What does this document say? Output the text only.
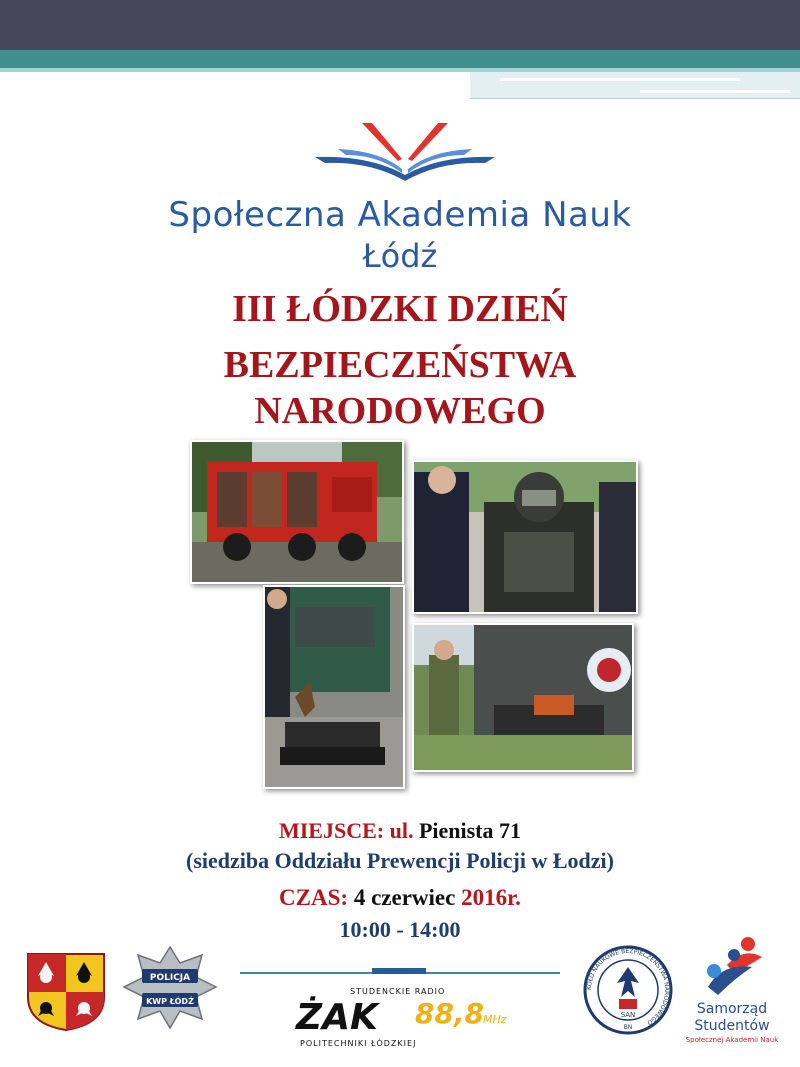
Społeczna Akademia Nauk
Łódź
III ŁÓDZKI DZIEŃ
BEZPIECZEŃSTWA
NARODOWEGO
MIEJSCE: ul. Pienista 71
(siedziba Oddziału Prewencji Policji w Łodzi)
CZAS: 4 czerwiec 2016r.
10:00 - 14:00
POLICJA
KWP ŁÓDŹ
STUDENCKIE RADIO
ŻAK 88,8
MHz
POLITECHNIKI ŁÓDZKIEJ
KOŁO NAUKOWE BEZPIECZEŃSTWA NARODOWEGO
SAN
BN
Samorząd
Studentów
Społecznej Akademii Nauk
